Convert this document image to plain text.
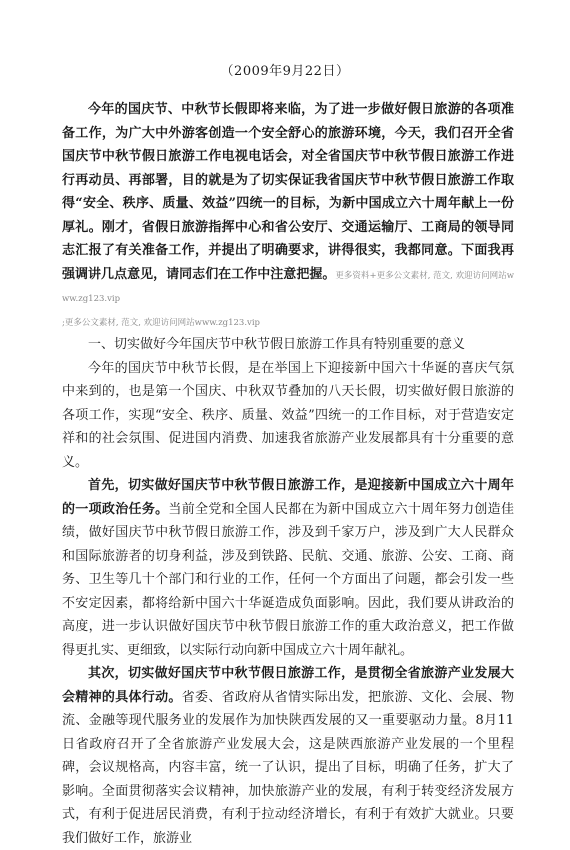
（2009年9月22日）

今年的国庆节、中秋节长假即将来临，为了进一步做好假日旅游的各项准备工作，为广大中外游客创造一个安全舒心的旅游环境，今天，我们召开全省国庆节中秋节假日旅游工作电视电话会，对全省国庆节中秋节假日旅游工作进行再动员、再部署，目的就是为了切实保证我省国庆节中秋节假日旅游工作取得“安全、秩序、质量、效益”四统一的目标，为新中国成立六十周年献上一份厚礼。刚才，省假日旅游指挥中心和省公安厅、交通运输厅、工商局的领导同志汇报了有关准备工作，并提出了明确要求，讲得很实，我都同意。下面我再强调讲几点意见，请同志们在工作中注意把握。更多资料+更多公文素材, 范文, 欢迎访问网站www.zg123.vip

;更多公文素材, 范文, 欢迎访问网站www.zg123.vip

一、切实做好今年国庆节中秋节假日旅游工作具有特别重要的意义

今年的国庆节中秋节长假，是在举国上下迎接新中国六十华诞的喜庆气氛中来到的，也是第一个国庆、中秋双节叠加的八天长假，切实做好假日旅游的各项工作，实现“安全、秩序、质量、效益”四统一的工作目标，对于营造安定祥和的社会氛围、促进国内消费、加速我省旅游产业发展都具有十分重要的意义。

首先，切实做好国庆节中秋节假日旅游工作，是迎接新中国成立六十周年的一项政治任务。当前全党和全国人民都在为新中国成立六十周年努力创造佳绩，做好国庆节中秋节假日旅游工作，涉及到千家万户，涉及到广大人民群众和国际旅游者的切身利益，涉及到铁路、民航、交通、旅游、公安、工商、商务、卫生等几十个部门和行业的工作，任何一个方面出了问题，都会引发一些不安定因素，都将给新中国六十华诞造成负面影响。因此，我们要从讲政治的高度，进一步认识做好国庆节中秋节假日旅游工作的重大政治意义，把工作做得更扎实、更细致，以实际行动向新中国成立六十周年献礼。

其次，切实做好国庆节中秋节假日旅游工作，是贯彻全省旅游产业发展大会精神的具体行动。省委、省政府从省情实际出发，把旅游、文化、会展、物流、金融等现代服务业的发展作为加快陕西发展的又一重要驱动力量。8月11日省政府召开了全省旅游产业发展大会，这是陕西旅游产业发展的一个里程碑，会议规格高，内容丰富，统一了认识，提出了目标，明确了任务，扩大了影响。全面贯彻落实会议精神，加快旅游产业的发展，有利于转变经济发展方式，有利于促进居民消费，有利于拉动经济增长，有利于有效扩大就业。只要我们做好工作，旅游业
